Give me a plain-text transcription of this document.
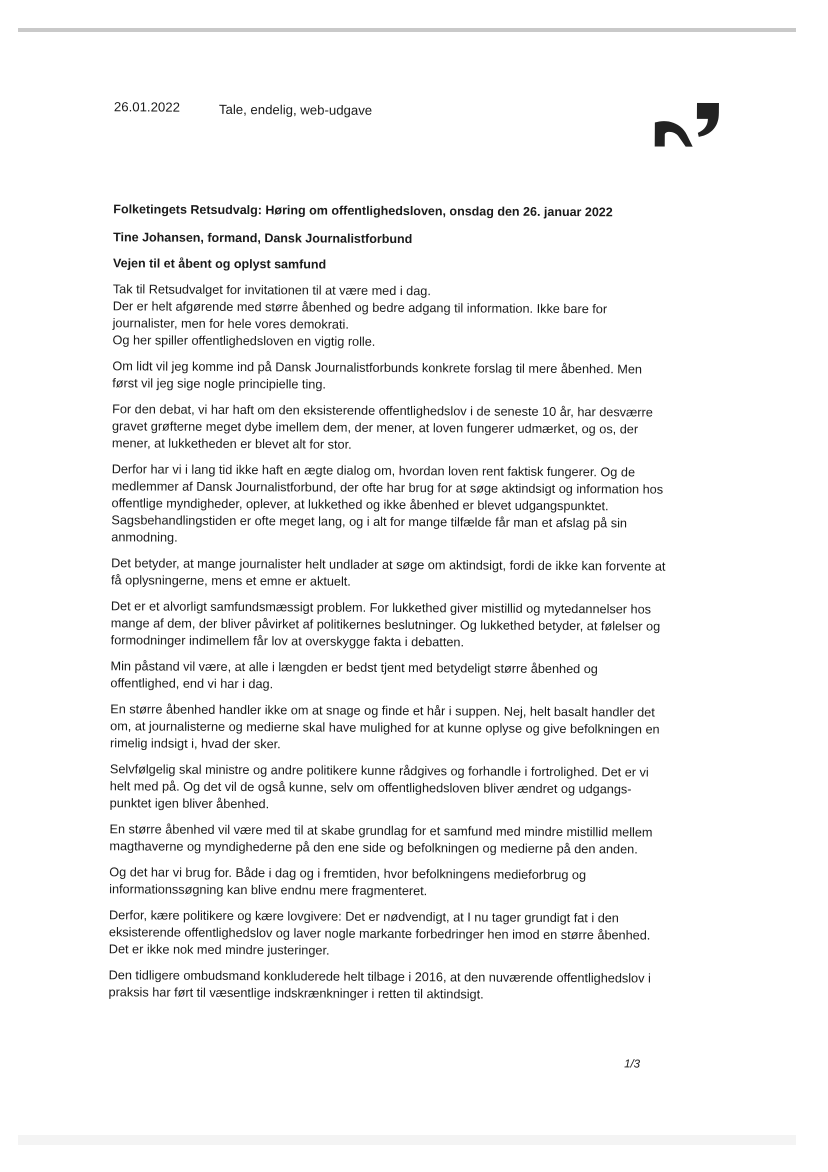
26.01.2022	Tale, endelig, web-udgave
Folketingets Retsudvalg: Høring om offentlighedsloven, onsdag den 26. januar 2022
Tine Johansen, formand, Dansk Journalistforbund
Vejen til et åbent og oplyst samfund
Tak til Retsudvalget for invitationen til at være med i dag.
Der er helt afgørende med større åbenhed og bedre adgang til information. Ikke bare for
journalister, men for hele vores demokrati.
Og her spiller offentlighedsloven en vigtig rolle.
Om lidt vil jeg komme ind på Dansk Journalistforbunds konkrete forslag til mere åbenhed. Men
først vil jeg sige nogle principielle ting.
For den debat, vi har haft om den eksisterende offentlighedslov i de seneste 10 år, har desværre
gravet grøfterne meget dybe imellem dem, der mener, at loven fungerer udmærket, og os, der
mener, at lukketheden er blevet alt for stor.
Derfor har vi i lang tid ikke haft en ægte dialog om, hvordan loven rent faktisk fungerer. Og de
medlemmer af Dansk Journalistforbund, der ofte har brug for at søge aktindsigt og information hos
offentlige myndigheder, oplever, at lukkethed og ikke åbenhed er blevet udgangspunktet.
Sagsbehandlingstiden er ofte meget lang, og i alt for mange tilfælde får man et afslag på sin
anmodning.
Det betyder, at mange journalister helt undlader at søge om aktindsigt, fordi de ikke kan forvente at
få oplysningerne, mens et emne er aktuelt.
Det er et alvorligt samfundsmæssigt problem. For lukkethed giver mistillid og mytedannelser hos
mange af dem, der bliver påvirket af politikernes beslutninger. Og lukkethed betyder, at følelser og
formodninger indimellem får lov at overskygge fakta i debatten.
Min påstand vil være, at alle i længden er bedst tjent med betydeligt større åbenhed og
offentlighed, end vi har i dag.
En større åbenhed handler ikke om at snage og finde et hår i suppen. Nej, helt basalt handler det
om, at journalisterne og medierne skal have mulighed for at kunne oplyse og give befolkningen en
rimelig indsigt i, hvad der sker.
Selvfølgelig skal ministre og andre politikere kunne rådgives og forhandle i fortrolighed. Det er vi
helt med på. Og det vil de også kunne, selv om offentlighedsloven bliver ændret og udgangs-
punktet igen bliver åbenhed.
En større åbenhed vil være med til at skabe grundlag for et samfund med mindre mistillid mellem
magthaverne og myndighederne på den ene side og befolkningen og medierne på den anden.
Og det har vi brug for. Både i dag og i fremtiden, hvor befolkningens medieforbrug og
informationssøgning kan blive endnu mere fragmenteret.
Derfor, kære politikere og kære lovgivere: Det er nødvendigt, at I nu tager grundigt fat i den
eksisterende offentlighedslov og laver nogle markante forbedringer hen imod en større åbenhed.
Det er ikke nok med mindre justeringer.
Den tidligere ombudsmand konkluderede helt tilbage i 2016, at den nuværende offentlighedslov i
praksis har ført til væsentlige indskrænkninger i retten til aktindsigt.
1/3
